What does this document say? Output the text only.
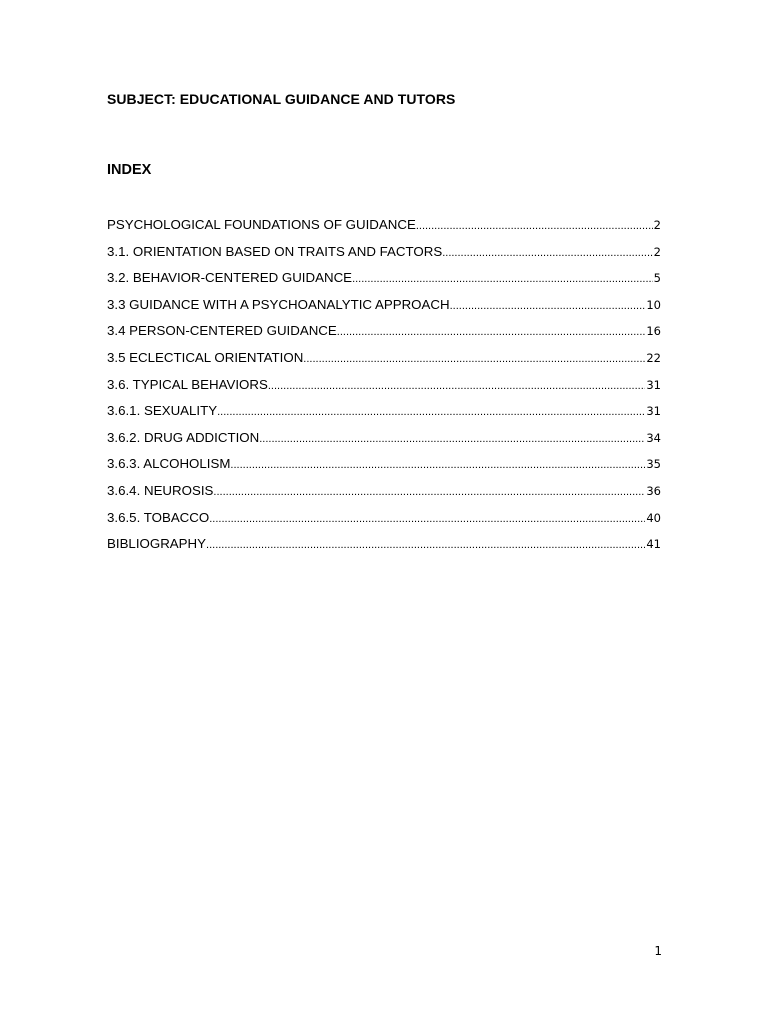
SUBJECT: EDUCATIONAL GUIDANCE AND TUTORS
INDEX
PSYCHOLOGICAL FOUNDATIONS OF GUIDANCE .....	2
3.1. ORIENTATION BASED ON TRAITS AND FACTORS .....	2
3.2. BEHAVIOR-CENTERED GUIDANCE .....	5
3.3 GUIDANCE WITH A PSYCHOANALYTIC APPROACH .....	10
3.4 PERSON-CENTERED GUIDANCE .....	16
3.5 ECLECTICAL ORIENTATION .....	22
3.6. TYPICAL BEHAVIORS .....	31
3.6.1. SEXUALITY .....	31
3.6.2. DRUG ADDICTION .....	34
3.6.3. ALCOHOLISM .....	35
3.6.4. NEUROSIS .....	36
3.6.5. TOBACCO .....	40
BIBLIOGRAPHY .....	41
1
